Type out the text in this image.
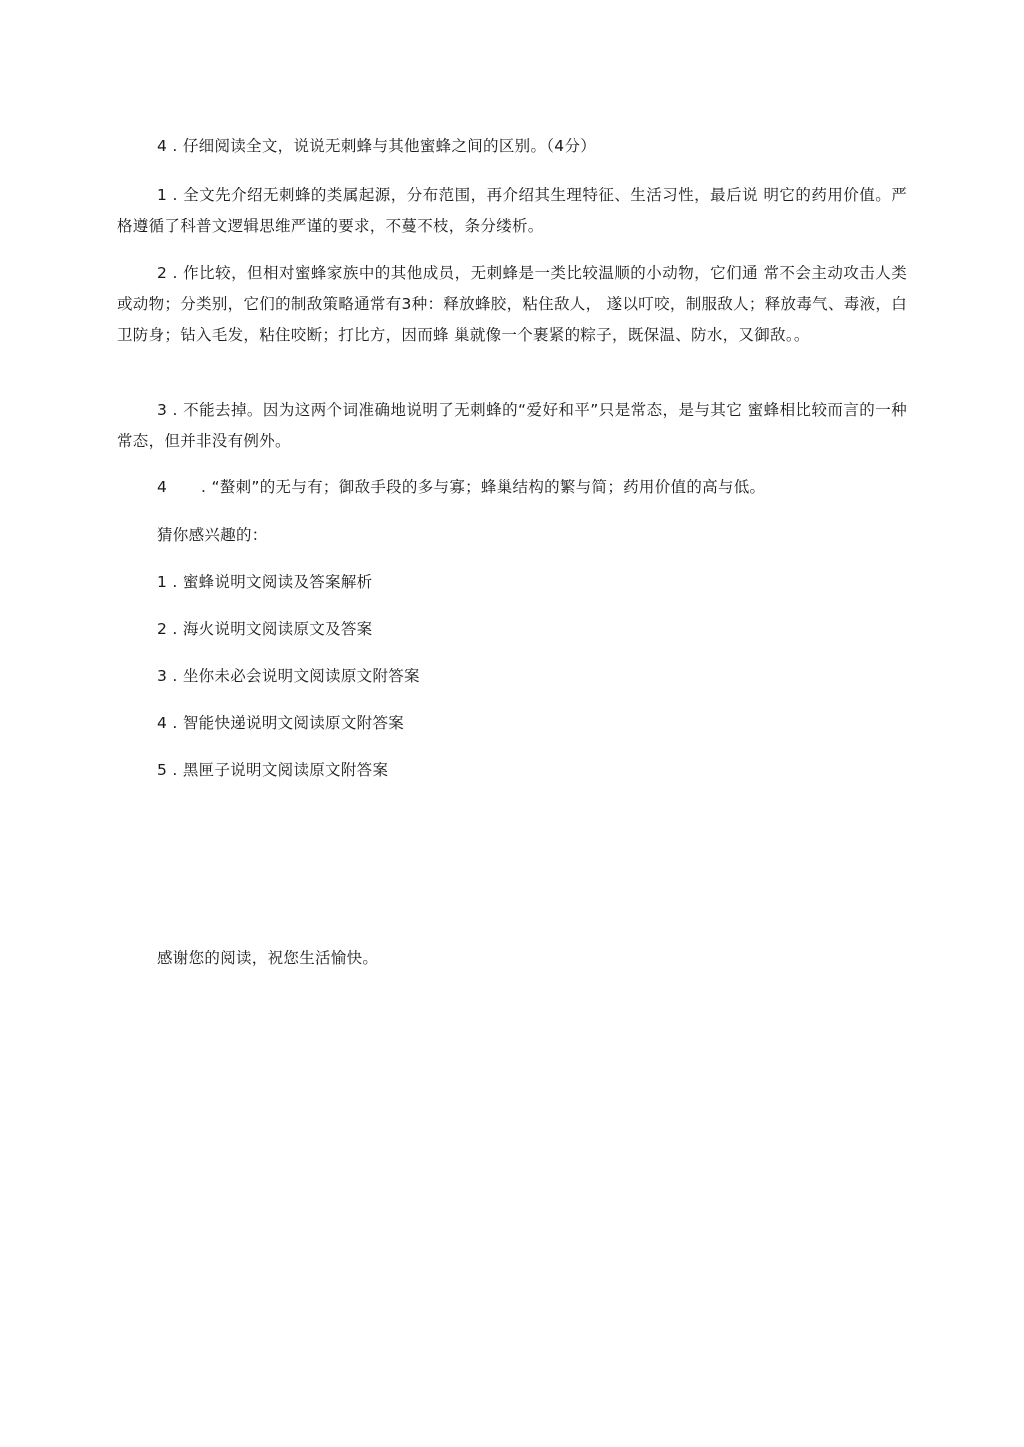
4 . 仔细阅读全文，说说无刺蜂与其他蜜蜂之间的区别。（4分）
1 . 全文先介绍无刺蜂的类属起源，分布范围，再介绍其生理特征、生活习性，最后说 明它的药用价值。严格遵循了科普文逻辑思维严谨的要求，不蔓不枝，条分缕析。
2 . 作比较，但相对蜜蜂家族中的其他成员，无刺蜂是一类比较温顺的小动物，它们通 常不会主动攻击人类或动物；分类别，它们的制敌策略通常有3种：释放蜂胶，粘住敌人， 遂以叮咬，制服敌人；释放毒气、毒液，白卫防身；钻入毛发，粘住咬断；打比方，因而蜂 巢就像一个裹紧的粽子，既保温、防水，又御敌。。
3 . 不能去掉。因为这两个词准确地说明了无刺蜂的“爱好和平”只是常态，是与其它 蜜蜂相比较而言的一种常态，但并非没有例外。
4 . “螯刺”的无与有；御敌手段的多与寡；蜂巢结构的繁与简；药用价值的高与低。
猜你感兴趣的：
1 . 蜜蜂说明文阅读及答案解析
2 . 海火说明文阅读原文及答案
3 . 坐你未必会说明文阅读原文附答案
4 . 智能快递说明文阅读原文附答案
5 . 黑匣子说明文阅读原文附答案
感谢您的阅读，祝您生活愉快。
